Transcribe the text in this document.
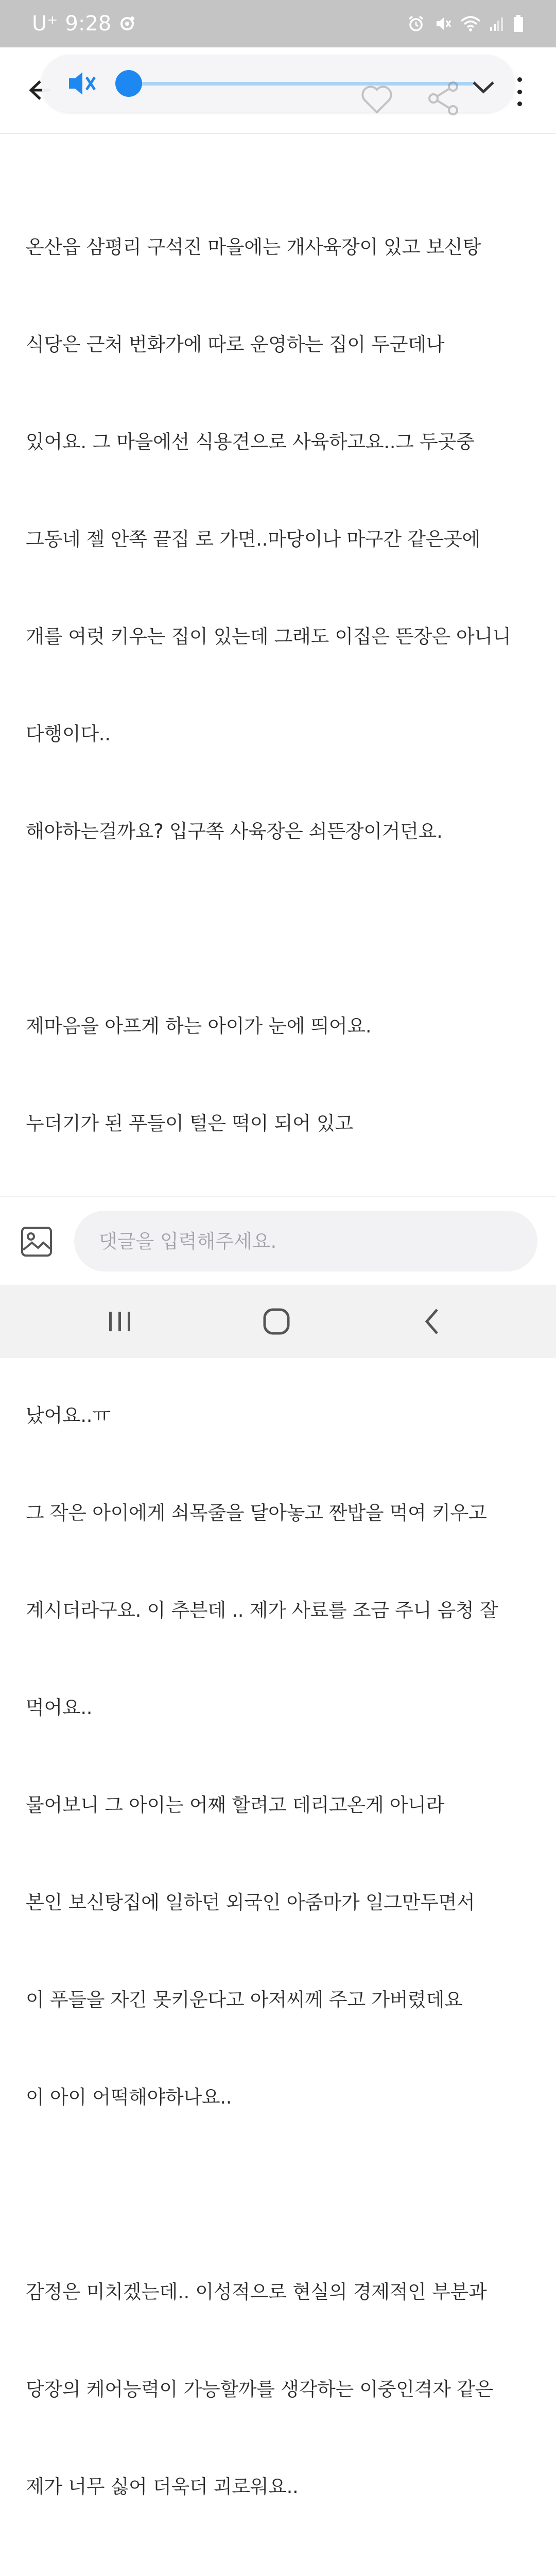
U⁺ 9:28

온산읍 삼평리 구석진 마을에는 개사육장이 있고 보신탕

식당은 근처 번화가에 따로 운영하는 집이 두군데나

있어요. 그 마을에선 식용견으로 사육하고요..그 두곳중

그동네 젤 안쪽 끝집 로 가면..마당이나 마구간 같은곳에

개를 여럿 키우는 집이 있는데 그래도 이집은 뜬장은 아니니

다행이다..

해야하는걸까요? 입구쪽 사육장은 쇠뜬장이거던요.

제마음을 아프게 하는 아이가 눈에 띄어요.

누더기가 된 푸들이 털은 떡이 되어 있고

났어요..ㅠ

그 작은 아이에게 쇠목줄을 달아놓고 짠밥을 먹여 키우고

계시더라구요. 이 추븐데 .. 제가 사료를 조금 주니 음청 잘

먹어요..

물어보니 그 아이는 어째 할려고 데리고온게 아니라

본인 보신탕집에 일하던 외국인 아줌마가 일그만두면서

이 푸들을 자긴 못키운다고 아저씨께 주고 가버렸데요

이 아이 어떡해야하나요..

감정은 미치겠는데.. 이성적으로 현실의 경제적인 부분과

당장의 케어능력이 가능할까를 생각하는 이중인격자 같은

제가 너무 싫어 더욱더 괴로워요..

댓글을 입력해주세요.
